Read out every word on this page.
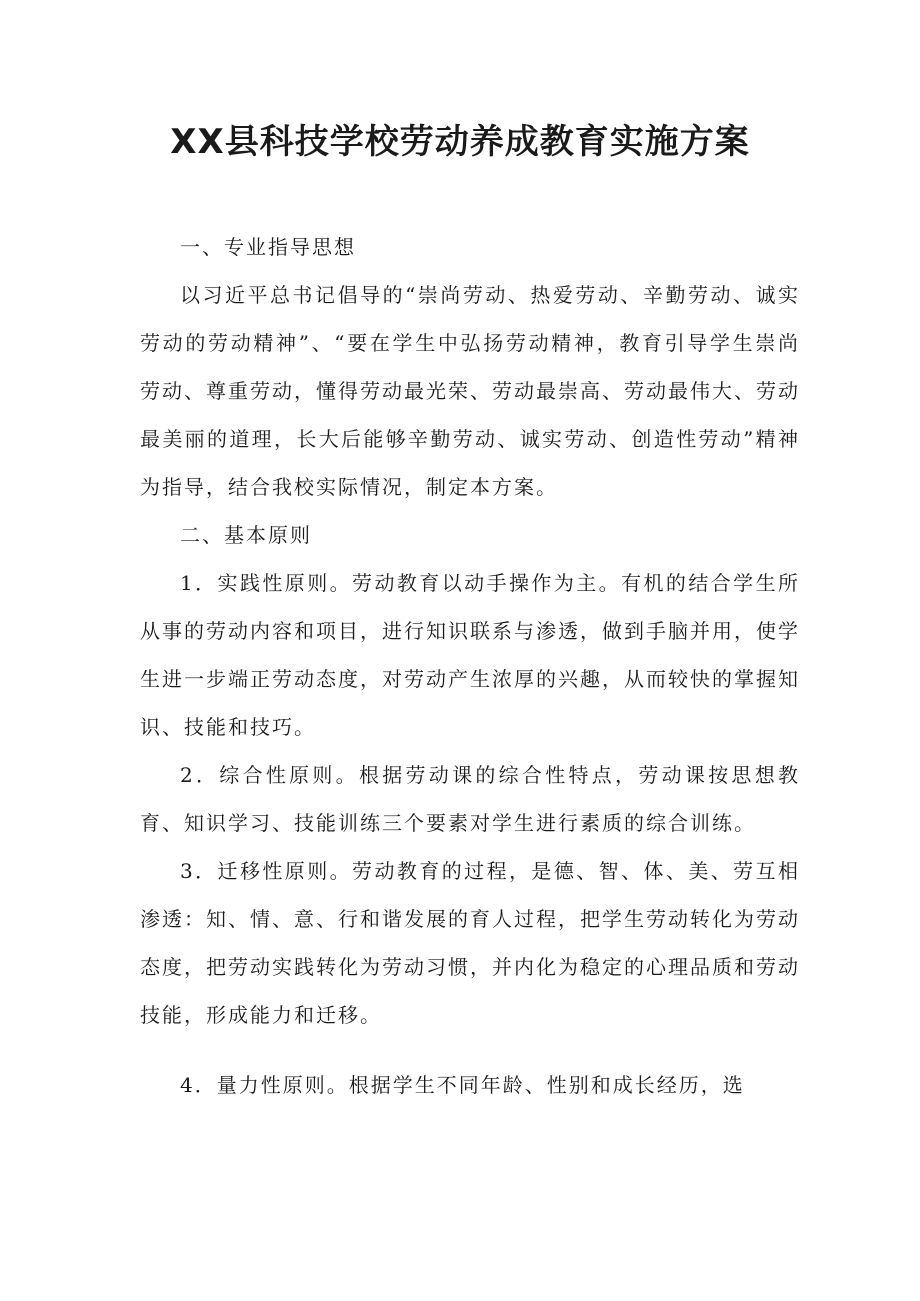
XX县科技学校劳动养成教育实施方案

一、专业指导思想

以习近平总书记倡导的“崇尚劳动、热爱劳动、辛勤劳动、诚实劳动的劳动精神”、“要在学生中弘扬劳动精神，教育引导学生崇尚劳动、尊重劳动，懂得劳动最光荣、劳动最崇高、劳动最伟大、劳动最美丽的道理，长大后能够辛勤劳动、诚实劳动、创造性劳动”精神为指导，结合我校实际情况，制定本方案。

二、基本原则

1．实践性原则。劳动教育以动手操作为主。有机的结合学生所从事的劳动内容和项目，进行知识联系与渗透，做到手脑并用，使学生进一步端正劳动态度，对劳动产生浓厚的兴趣，从而较快的掌握知识、技能和技巧。

2．综合性原则。根据劳动课的综合性特点，劳动课按思想教育、知识学习、技能训练三个要素对学生进行素质的综合训练。

3．迁移性原则。劳动教育的过程，是德、智、体、美、劳互相渗透：知、情、意、行和谐发展的育人过程，把学生劳动转化为劳动态度，把劳动实践转化为劳动习惯，并内化为稳定的心理品质和劳动技能，形成能力和迁移。

4．量力性原则。根据学生不同年龄、性别和成长经历，选
